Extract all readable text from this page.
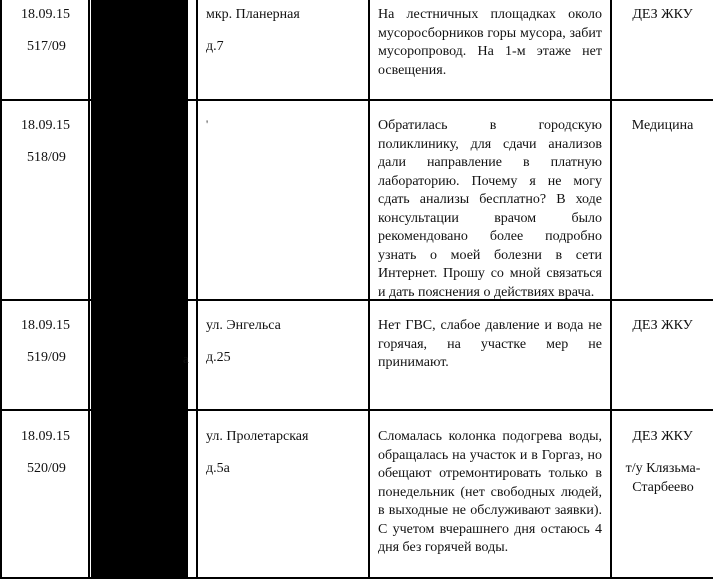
18.09.15
517/09
мкр. Планерная
д.7
На лестничных площадках около мусоросборников горы мусора, забит мусоропровод. На 1-м этаже нет освещения.
ДЕЗ ЖКУ
18.09.15
518/09
'	Обратилась в городскую поликлинику, для сдачи анализов дали направление в платную лабораторию. Почему я не могу сдать анализы бесплатно? В ходе консультации врачом было рекомендовано более подробно узнать о моей болезни в сети Интернет. Прошу со мной связаться и дать пояснения о действиях врача.
Медицина
18.09.15
519/09	а
ул. Энгельса
д.25
Нет ГВС, слабое давление и вода не горячая, на участке мер не принимают.
ДЕЗ ЖКУ
18.09.15
520/09
ул. Пролетарская
д.5а
Сломалась колонка подогрева воды, обращалась на участок и в Горгаз, но обещают отремонтировать только в понедельник (нет свободных людей, в выходные не обслуживают заявки). С учетом вчерашнего дня остаюсь 4 дня без горячей воды.
ДЕЗ ЖКУ
т/у Клязьма-Старбеево
